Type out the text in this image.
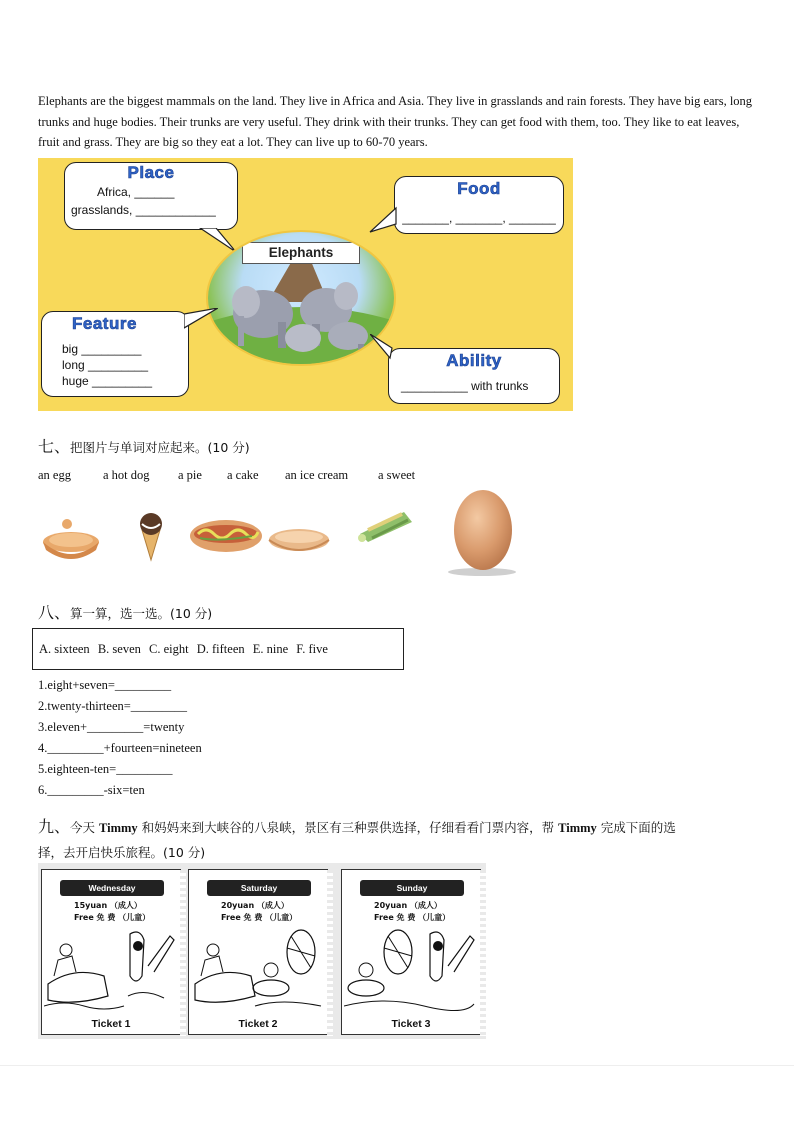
Elephants are the biggest mammals on the land. They live in Africa and Asia. They live in grasslands and rain forests. They have big ears, long trunks and huge bodies. Their trunks are very useful. They drink with their trunks. They can get food with them, too. They like to eat leaves, fruit and grass. They are big so they eat a lot. They can live up to 60-70 years.

Place
Africa, ______
grasslands, ____________
Food
_______, _______, _______
Elephants
Feature
big _________
long _________
huge _________
Ability
__________ with trunks
七、把图片与单词对应起来。(10 分)
an egg	a hot dog a pie a cake an ice cream a sweet
八、算一算，选一选。(10 分)
A. sixteen B. seven C. eight D. fifteen E. nine F. five
1.eight+seven=_________
2.twenty-thirteen=_________
3.eleven+_________=twenty
4._________+fourteen=nineteen
5.eighteen-ten=_________
6._________-six=ten
九、今天 Timmy 和妈妈来到大峡谷的八泉峡，景区有三种票供选择，仔细看看门票内容，帮 Timmy 完成下面的选
择，去开启快乐旅程。(10 分)
Wednesday
15yuan （成人）
Free 免 费 （儿童）
Ticket 1
Saturday
20yuan （成人）
Free 免 费 （儿童）
Ticket 2
Sunday
20yuan （成人）
Free 免 费 （儿童）
Ticket 3
